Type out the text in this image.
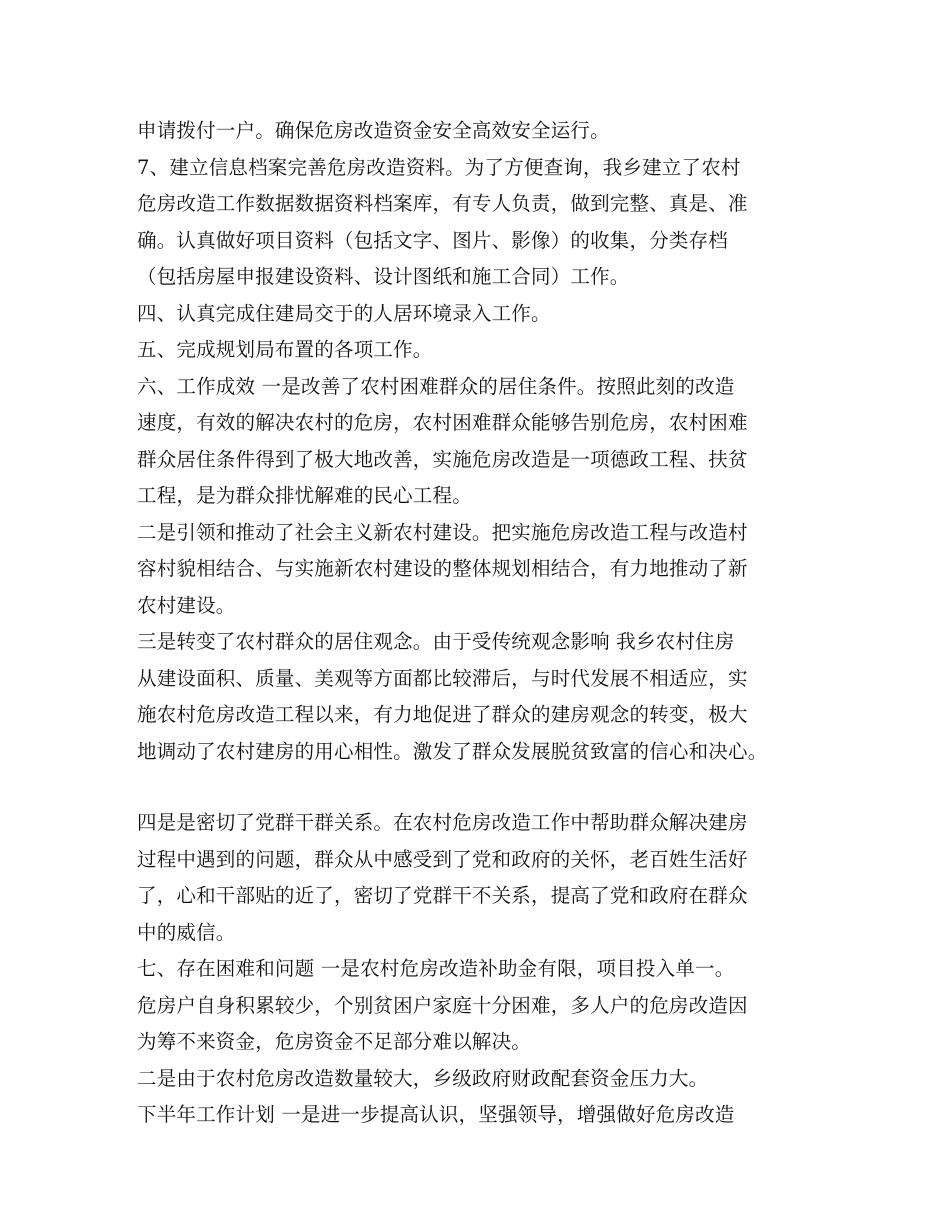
申请拨付一户。确保危房改造资金安全高效安全运行。
7、建立信息档案完善危房改造资料。为了方便查询，我乡建立了农村
危房改造工作数据数据资料档案库，有专人负责，做到完整、真是、准
确。认真做好项目资料（包括文字、图片、影像）的收集，分类存档
（包括房屋申报建设资料、设计图纸和施工合同）工作。
四、认真完成住建局交于的人居环境录入工作。
五、完成规划局布置的各项工作。
六、工作成效 一是改善了农村困难群众的居住条件。按照此刻的改造
速度，有效的解决农村的危房，农村困难群众能够告别危房，农村困难
群众居住条件得到了极大地改善，实施危房改造是一项德政工程、扶贫
工程，是为群众排忧解难的民心工程。
二是引领和推动了社会主义新农村建设。把实施危房改造工程与改造村
容村貌相结合、与实施新农村建设的整体规划相结合，有力地推动了新
农村建设。
三是转变了农村群众的居住观念。由于受传统观念影响 我乡农村住房
从建设面积、质量、美观等方面都比较滞后，与时代发展不相适应，实
施农村危房改造工程以来，有力地促进了群众的建房观念的转变，极大
地调动了农村建房的用心相性。激发了群众发展脱贫致富的信心和决心。
四是是密切了党群干群关系。在农村危房改造工作中帮助群众解决建房
过程中遇到的问题，群众从中感受到了党和政府的关怀，老百姓生活好
了，心和干部贴的近了，密切了党群干不关系，提高了党和政府在群众
中的威信。
七、存在困难和问题 一是农村危房改造补助金有限，项目投入单一。
危房户自身积累较少，个别贫困户家庭十分困难，多人户的危房改造因
为筹不来资金，危房资金不足部分难以解决。
二是由于农村危房改造数量较大，乡级政府财政配套资金压力大。
下半年工作计划 一是进一步提高认识，坚强领导，增强做好危房改造
